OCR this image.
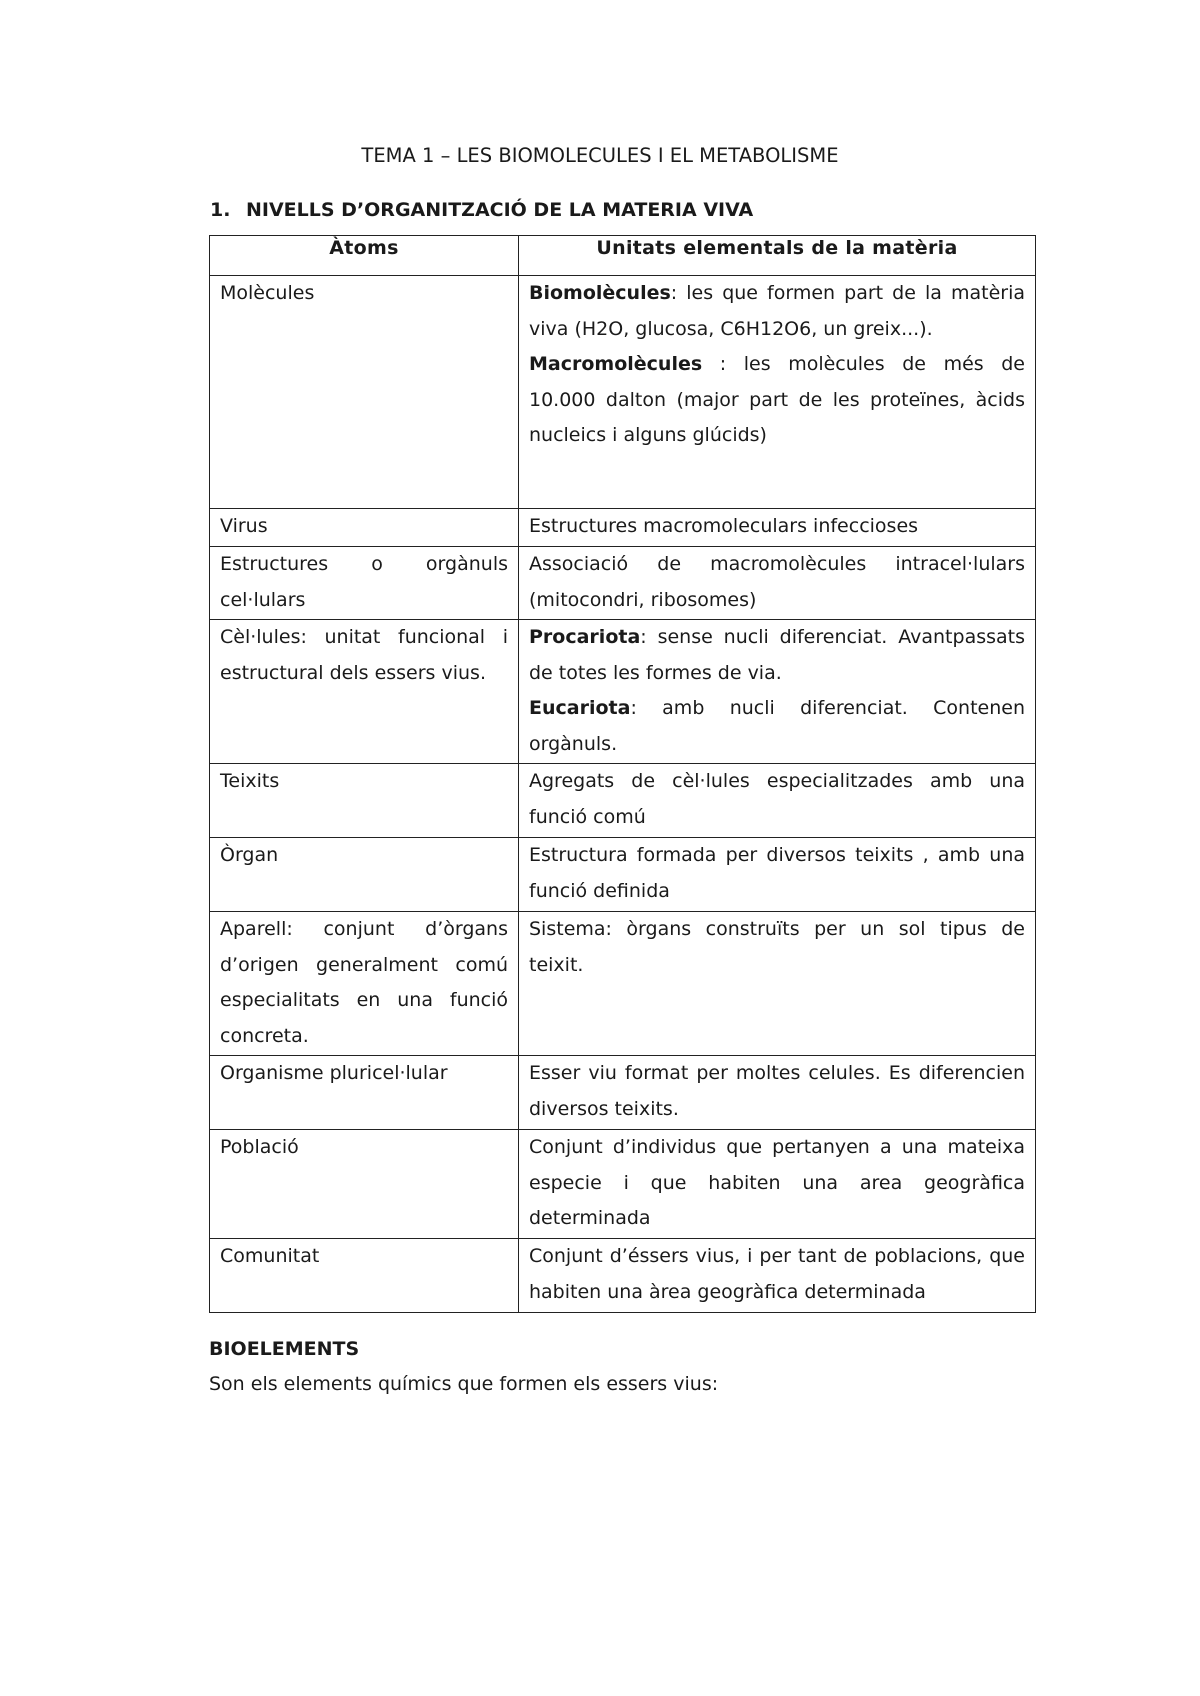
TEMA 1 – LES BIOMOLECULES I EL METABOLISME
1. NIVELLS D’ORGANITZACIÓ DE LA MATERIA VIVA
Àtoms	Unitats elementals de la matèria
Molècules	Biomolècules: les que formen part de la matèria viva (H2O, glucosa, C6H12O6, un greix...).

Macromolècules : les molècules de més de 10.000 dalton (major part de les proteïnes, àcids nucleics i alguns glúcids)

Virus	Estructures macromoleculars infeccioses
Estructures o orgànuls cel·lulars	Associació de macromolècules intracel·lulars (mitocondri, ribosomes)
Cèl·lules: unitat funcional i estructural dels essers vius.	Procariota: sense nucli diferenciat. Avantpassats de totes les formes de via.

Eucariota: amb nucli diferenciat. Contenen orgànuls.

Teixits	Agregats de cèl·lules especialitzades amb una funció comú
Òrgan	Estructura formada per diversos teixits , amb una funció definida
Aparell: conjunt d’òrgans d’origen generalment comú especialitats en una funció concreta.	Sistema: òrgans construïts per un sol tipus de teixit.
Organisme pluricel·lular	Esser viu format per moltes celules. Es diferencien diversos teixits.
Població	Conjunt d’individus que pertanyen a una mateixa especie i que habiten una area geogràfica determinada
Comunitat	Conjunt d’éssers vius, i per tant de poblacions, que habiten una àrea geogràfica determinada
BIOELEMENTS

Son els elements químics que formen els essers vius:
